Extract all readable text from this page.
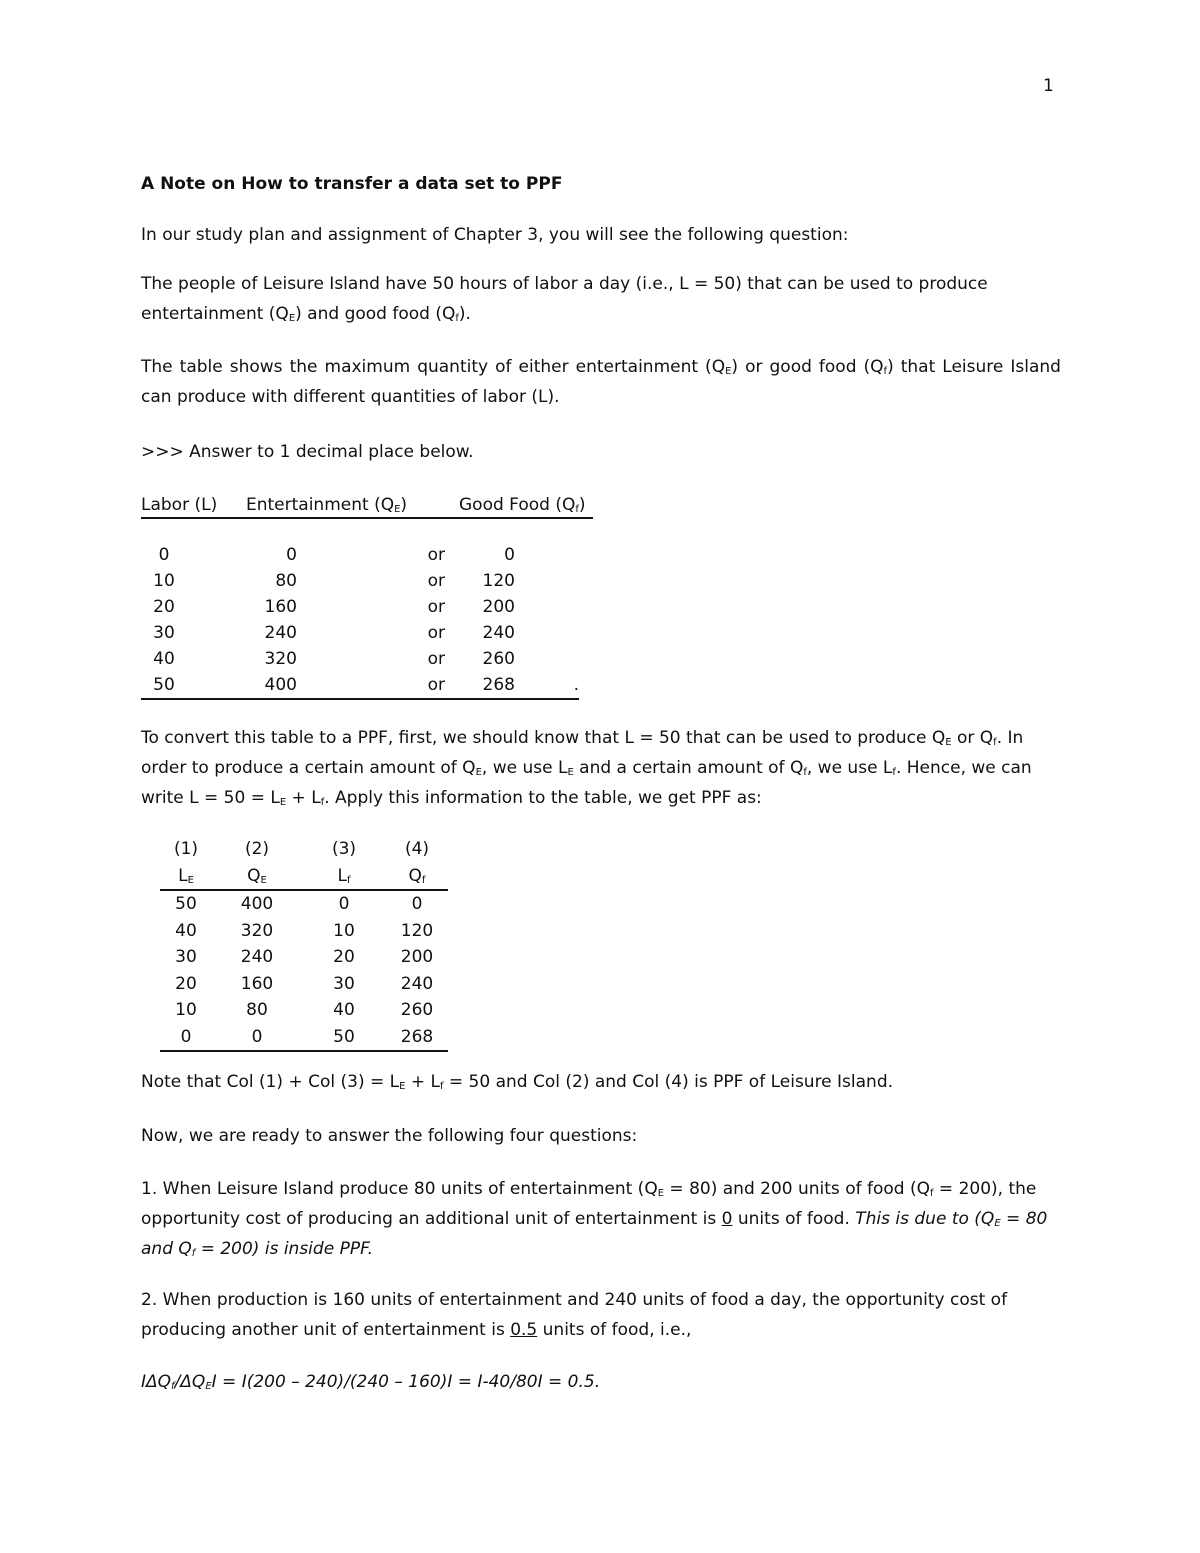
1
A Note on How to transfer a data set to PPF
In our study plan and assignment of Chapter 3, you will see the following question:
The people of Leisure Island have 50 hours of labor a day (i.e., L = 50) that can be used to produce entertainment $(Q_E)$ and good food $(Q_f)$.
The table shows the maximum quantity of either entertainment $(Q_E)$ or good food $(Q_f)$ that Leisure Island can produce with different quantities of labor (L).
>>> Answer to 1 decimal place below.
Labor (L) Entertainment $(Q_E)$	Good Food $(Q_f)$
0	0	or	0	
10	80	or	120	
20	160	or	200	
30	240	or	240	
40	320	or	260	
50	400	or	268	.
To convert this table to a PPF, first, we should know that L = 50 that can be used to produce $Q_E$ or $Q_f$. In order to produce a certain amount of $Q_E$, we use $L_E$ and a certain amount of $Q_f$, we use $L_f$. Hence, we can write $L = 50 = L_E + L_f$. Apply this information to the table, we get PPF as:
(1)	(2)	(3)	(4)
$L_E$	$Q_E$	$L_f$	$Q_f$
50	400	0	0
40	320	10	120
30	240	20	200
20	160	30	240
10	80	40	260
0	0	50	268
Note that Col (1) + Col $(3) = L_E + L_f = 50$ and Col (2) and Col (4) is PPF of Leisure Island.
Now, we are ready to answer the following four questions:
1. When Leisure Island produce 80 units of entertainment $(Q_E = 80)$ and 200 units of food $(Q_f = 200)$, the opportunity cost of producing an additional unit of entertainment is 0 units of food. This is due to ($Q_E = 80$ and $Q_f = 200$) is inside PPF.
2. When production is 160 units of entertainment and 240 units of food a day, the opportunity cost of producing another unit of entertainment is 0.5 units of food, i.e.,
$I\Delta Q_f/\Delta Q_EI = I(200 - 240)/(240 - 160)I = I-40/80I = 0.5$.
